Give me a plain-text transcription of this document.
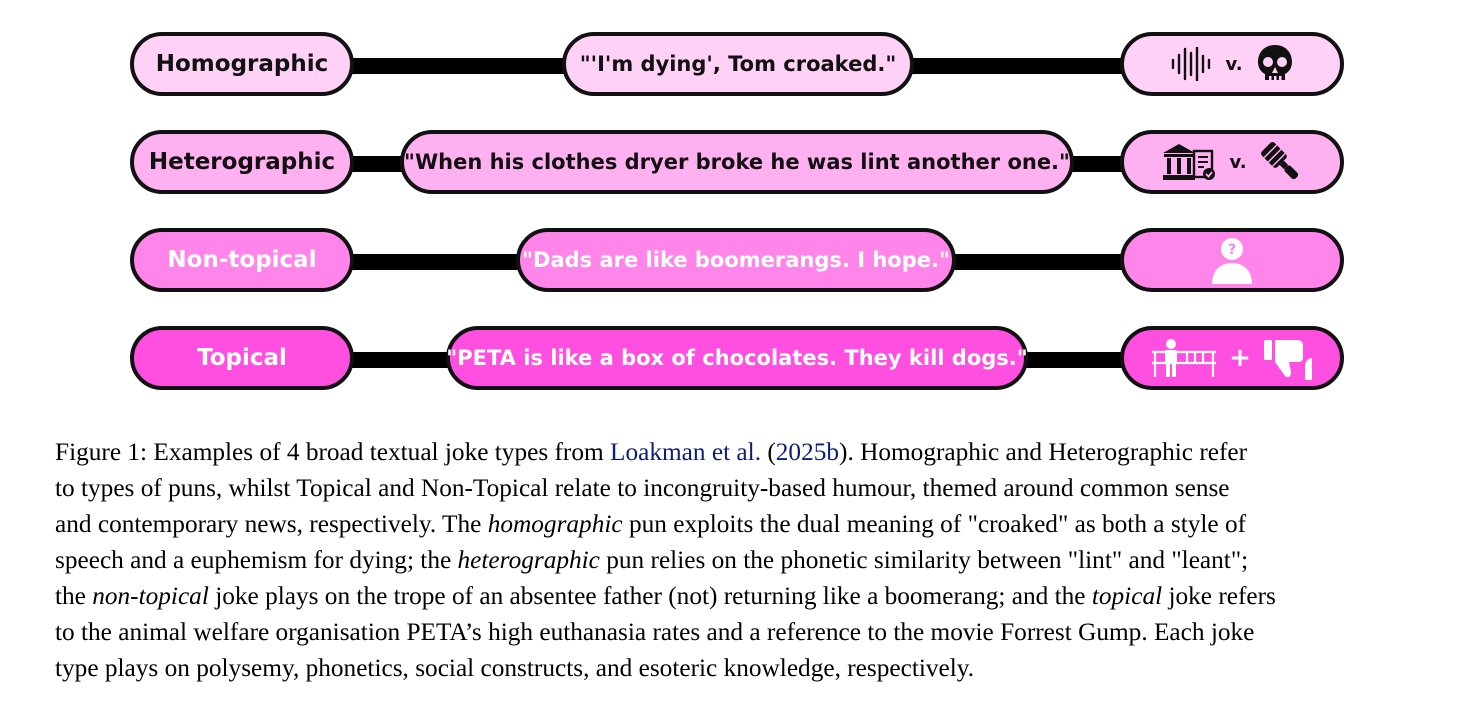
Homographic	"'I'm dying', Tom croaked."	v.
Heterographic	"When his clothes dryer broke he was lint another one."	v.
Non-topical	"Dads are like boomerangs. I hope."	?
Topical	"PETA is like a box of chocolates. They kill dogs."	+

Figure 1: Examples of 4 broad textual joke types from Loakman et al. (2025b). Homographic and Heterographic refer
to types of puns, whilst Topical and Non-Topical relate to incongruity-based humour, themed around common sense
and contemporary news, respectively. The homographic pun exploits the dual meaning of "croaked" as both a style of
speech and a euphemism for dying; the heterographic pun relies on the phonetic similarity between "lint" and "leant";
the non-topical joke plays on the trope of an absentee father (not) returning like a boomerang; and the topical joke refers
to the animal welfare organisation PETA’s high euthanasia rates and a reference to the movie Forrest Gump. Each joke
type plays on polysemy, phonetics, social constructs, and esoteric knowledge, respectively.
